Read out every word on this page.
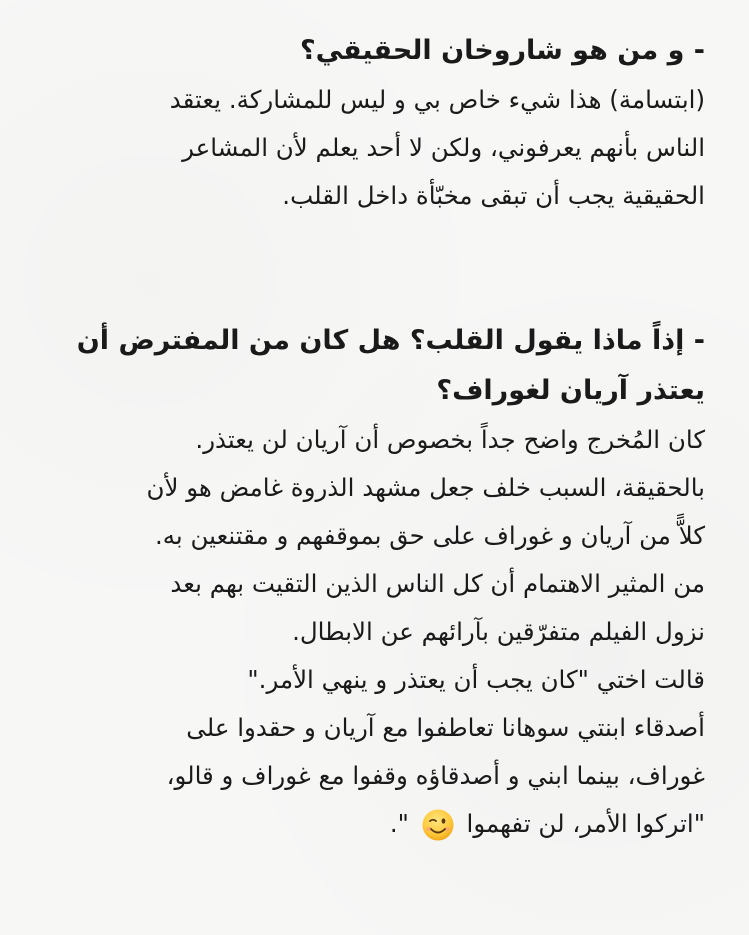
- و من هو شاروخان الحقيقي؟

(ابتسامة) هذا شيء خاص بي و ليس للمشاركة. يعتقد

الناس بأنهم يعرفوني، ولكن لا أحد يعلم لأن المشاعر

الحقيقية يجب أن تبقى مخبّأة داخل القلب.

- إذاً ماذا يقول القلب؟ هل كان من المفترض أن

يعتذر آريان لغوراف؟

كان المُخرج واضح جداً بخصوص أن آريان لن يعتذر.

بالحقيقة، السبب خلف جعل مشهد الذروة غامض هو لأن

كلاًّ من آريان و غوراف على حق بموقفهم و مقتنعين به.

من المثير الاهتمام أن كل الناس الذين التقيت بهم بعد

نزول الفيلم متفرّقين بآرائهم عن الابطال.

قالت اختي "كان يجب أن يعتذر و ينهي الأمر."

أصدقاء ابنتي سوهانا تعاطفوا مع آريان و حقدوا على

غوراف، بينما ابني و أصدقاؤه وقفوا مع غوراف و قالو،

"اتركوا الأمر، لن تفهموا  ".
